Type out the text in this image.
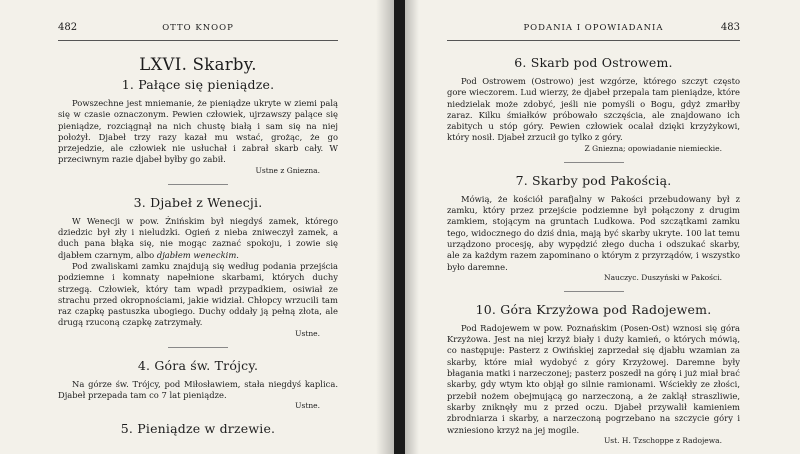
482	OTTO KNOOP
LXVI. Skarby.
1. Pałące się pieniądze.

Powszechne jest mniemanie, że pieniądze ukryte w ziemi palą się w czasie oznaczonym. Pewien człowiek, ujrzawszy palące się pieniądze, rozciągnął na nich chustę białą i sam się na niej położył. Djabeł trzy razy kazał mu wstać, grożąc, że go przejedzie, ale człowiek nie usłuchał i zabrał skarb cały. W przeciwnym razie djabeł byłby go zabił.

Ustne z Gniezna.

3. Djabeł z Wenecji.

W Wenecji w pow. Żnińskim był niegdyś zamek, którego dziedzic był zły i nieludzki. Ogień z nieba zniweczył zamek, a duch pana błąka się, nie mogąc zaznać spokoju, i zowie się djabłem czarnym, albo djabłem weneckim.

Pod zwaliskami zamku znajdują się według podania przejścia podziemne i komnaty napełnione skarbami, których duchy strzegą. Człowiek, który tam wpadł przypadkiem, osiwiał ze strachu przed okropnościami, jakie widział. Chłopcy wrzucili tam raz czapkę pastuszka ubogiego. Duchy oddały ją pełną złota, ale drugą rzuconą czapkę zatrzymały.

Ustne.

4. Góra św. Trójcy.

Na górze św. Trójcy, pod Miłosławiem, stała niegdyś kaplica. Djabeł przepada tam co 7 lat pieniądze.

Ustne.

5. Pieniądze w drzewie.
PODANIA I OPOWIADANIA	483
6. Skarb pod Ostrowem.

Pod Ostrowem (Ostrowo) jest wzgórze, którego szczyt często gore wieczorem. Lud wierzy, że djabeł przepala tam pieniądze, które niedzielak może zdobyć, jeśli nie pomyśli o Bogu, gdyż zmarłby zaraz. Kilku śmiałków próbowało szczęścia, ale znajdowano ich zabitych u stóp góry. Pewien człowiek ocalał dzięki krzyżykowi, który nosił. Djabeł zrzucił go tylko z góry.

Z Gniezna; opowiadanie niemieckie.

7. Skarby pod Pakością.

Mówią, że kościół parafjalny w Pakości przebudowany był z zamku, który przez przejście podziemne był połączony z drugim zamkiem, stojącym na gruntach Ludkowa. Pod szczątkami zamku tego, widocznego do dziś dnia, mają być skarby ukryte. 100 lat temu urządzono procesję, aby wypędzić złego ducha i odszukać skarby, ale za każdym razem zapominano o którym z przyrządów, i wszystko było daremne.

Nauczyc. Duszyński w Pakości.

10. Góra Krzyżowa pod Radojewem.

Pod Radojewem w pow. Poznańskim (Posen-Ost) wznosi się góra Krzyżowa. Jest na niej krzyż biały i duży kamień, o których mówią, co następuje: Pasterz z Owińskiej zaprzedał się djabłu wzamian za skarby, które miał wydobyć z góry Krzyżowej. Daremne były błagania matki i narzeczonej; pasterz poszedł na górę i już miał brać skarby, gdy wtym kto objął go silnie ramionami. Wściekły ze złości, przebił nożem obejmującą go narzeczoną, a że zaklął straszliwie, skarby zniknęły mu z przed oczu. Djabeł przywalił kamieniem zbrodniarza i skarby, a narzeczoną pogrzebano na szczycie góry i wzniesiono krzyż na jej mogile.

Ust. H. Tzschoppe z Radojewa.
